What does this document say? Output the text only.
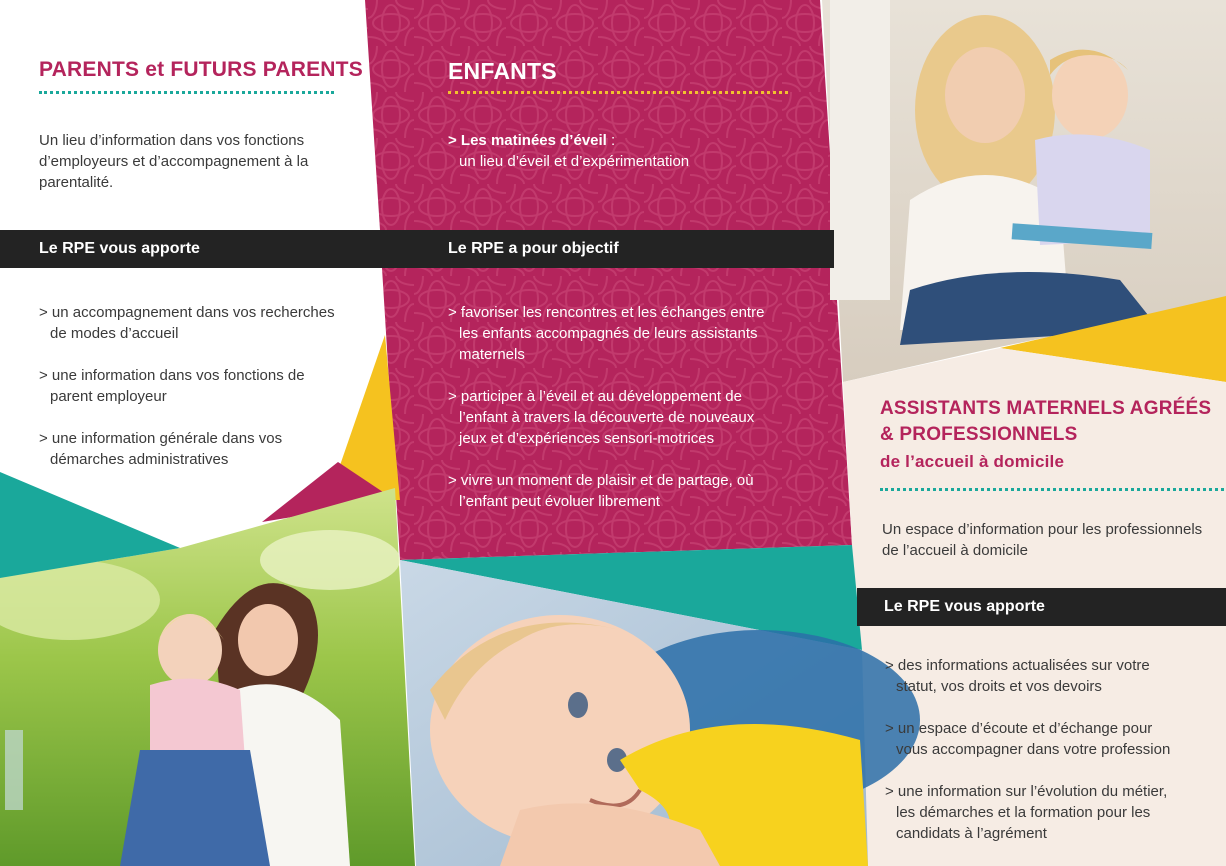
PARENTS et FUTURS PARENTS
Un lieu d’information dans vos fonctions d’employeurs et d’accompagnement à la parentalité.
Le RPE vous apporte
> un accompagnement dans vos recherches de modes d’accueil
> une information dans vos fonctions de parent employeur
> une information générale dans vos démarches administratives
ENFANTS
> Les matinées d’éveil :
un lieu d’éveil et d’expérimentation
Le RPE a pour objectif
> favoriser les rencontres et les échanges entre les enfants accompagnés de leurs assistants maternels
> participer à l’éveil et au développement de l’enfant à travers la découverte de nouveaux jeux et d’expériences sensori-motrices
> vivre un moment de plaisir et de partage, où l’enfant peut évoluer librement
ASSISTANTS MATERNELS AGRÉÉS
& PROFESSIONNELS
de l’accueil à domicile
Un espace d’information pour les professionnels de l’accueil à domicile
Le RPE vous apporte
> des informations actualisées sur votre statut, vos droits et vos devoirs
> un espace d’écoute et d’échange pour vous accompagner dans votre profession
> une information sur l’évolution du métier, les démarches et la formation pour les candidats à l’agrément
